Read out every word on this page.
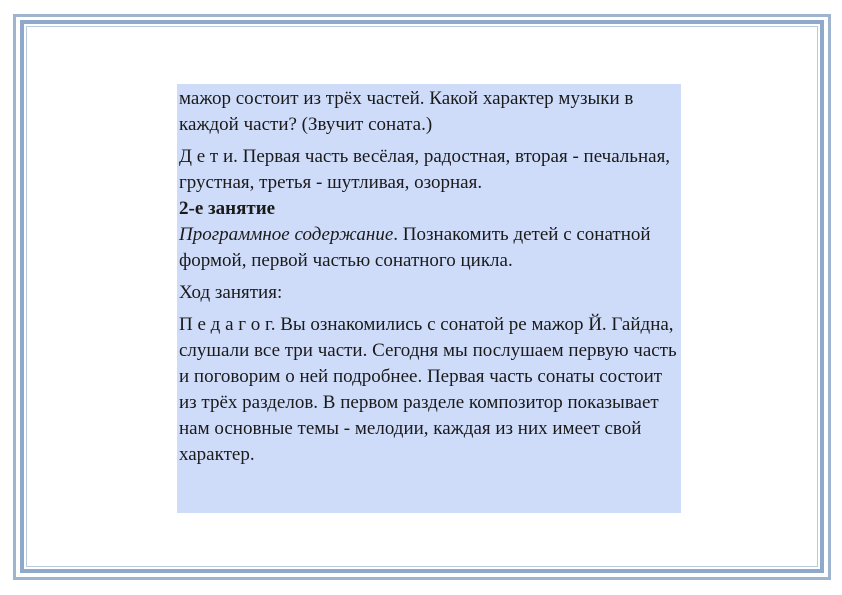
мажор состоит из трёх частей. Какой характер музыки в каждой части? (Звучит соната.)

Д е т и. Первая часть весёлая, радостная, вторая - печальная, грустная, третья - шутливая, озорная.

2-е занятие

Программное содержание. Познакомить детей с сонатной формой, первой частью сонатного цикла.

Ход занятия:

П е д а г о г. Вы ознакомились с сонатой ре мажор Й. Гайдна, слушали все три части. Сегодня мы послушаем первую часть и поговорим о ней подробнее. Первая часть сонаты состоит из трёх разделов. В первом разделе композитор показывает нам основные темы - мелодии, каждая из них имеет свой характер.
